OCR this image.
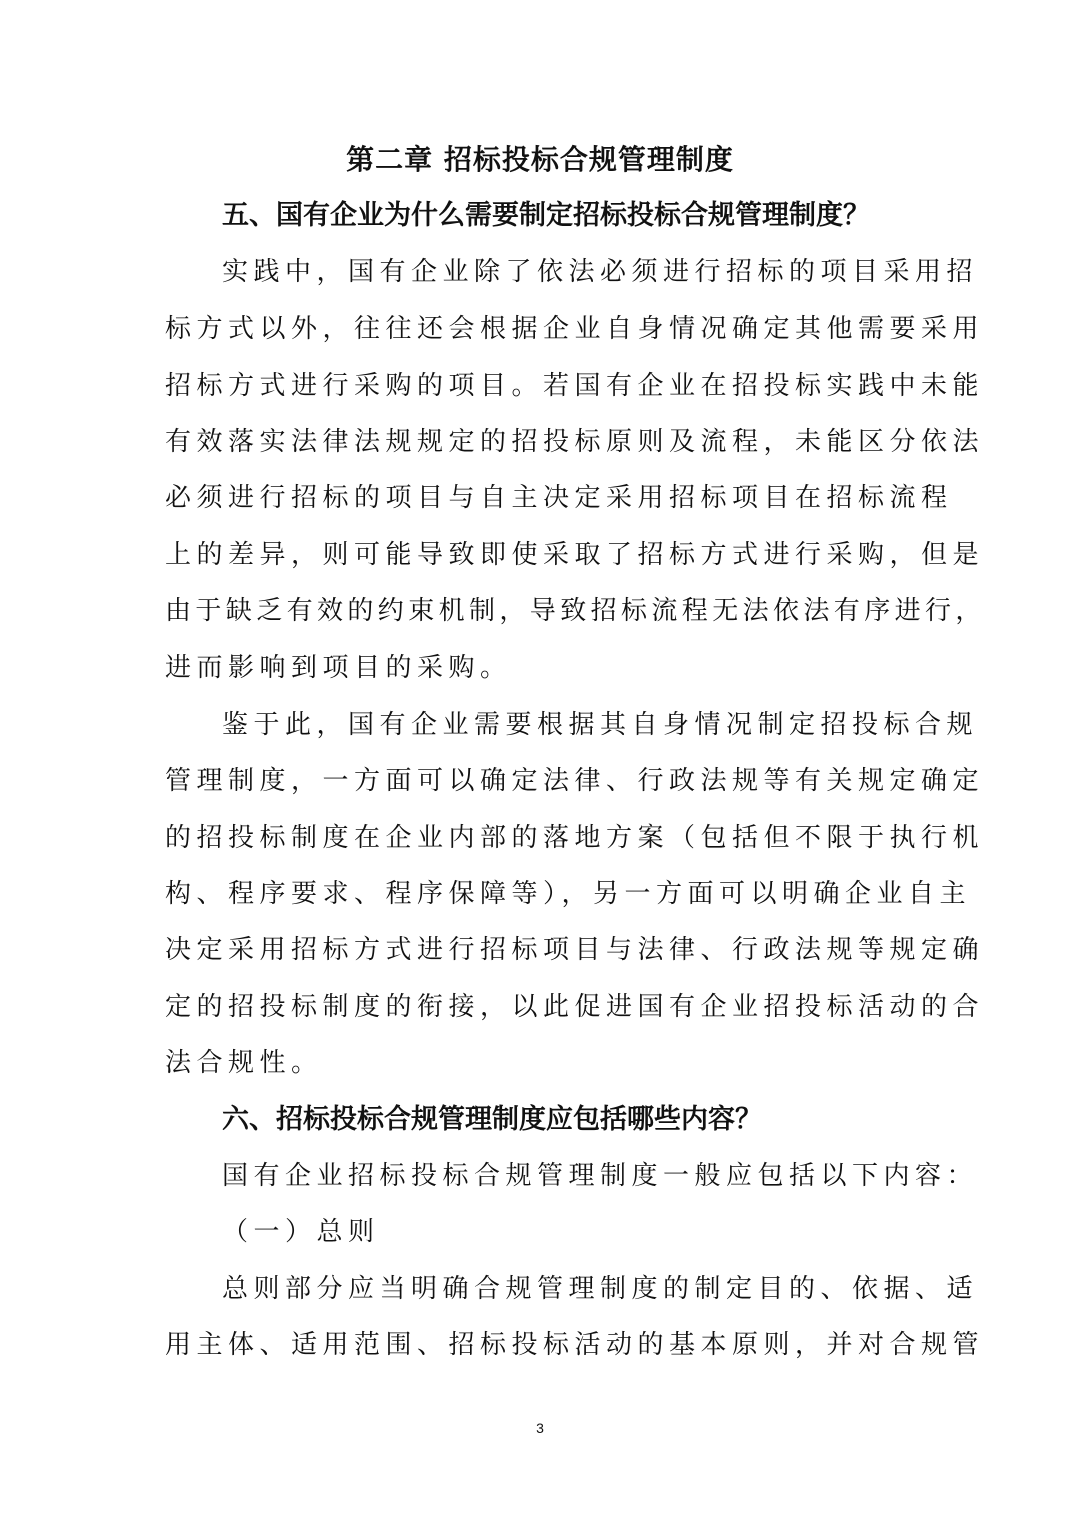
第二章 招标投标合规管理制度
五、国有企业为什么需要制定招标投标合规管理制度？
实践中，国有企业除了依法必须进行招标的项目采用招
标方式以外，往往还会根据企业自身情况确定其他需要采用
招标方式进行采购的项目。若国有企业在招投标实践中未能
有效落实法律法规规定的招投标原则及流程，未能区分依法
必须进行招标的项目与自主决定采用招标项目在招标流程
上的差异，则可能导致即使采取了招标方式进行采购，但是
由于缺乏有效的约束机制，导致招标流程无法依法有序进行，
进而影响到项目的采购。
鉴于此，国有企业需要根据其自身情况制定招投标合规
管理制度，一方面可以确定法律、行政法规等有关规定确定
的招投标制度在企业内部的落地方案（包括但不限于执行机
构、程序要求、程序保障等），另一方面可以明确企业自主
决定采用招标方式进行招标项目与法律、行政法规等规定确
定的招投标制度的衔接，以此促进国有企业招投标活动的合
法合规性。
六、招标投标合规管理制度应包括哪些内容？
国有企业招标投标合规管理制度一般应包括以下内容：
（一）总则
总则部分应当明确合规管理制度的制定目的、依据、适
用主体、适用范围、招标投标活动的基本原则，并对合规管
3
